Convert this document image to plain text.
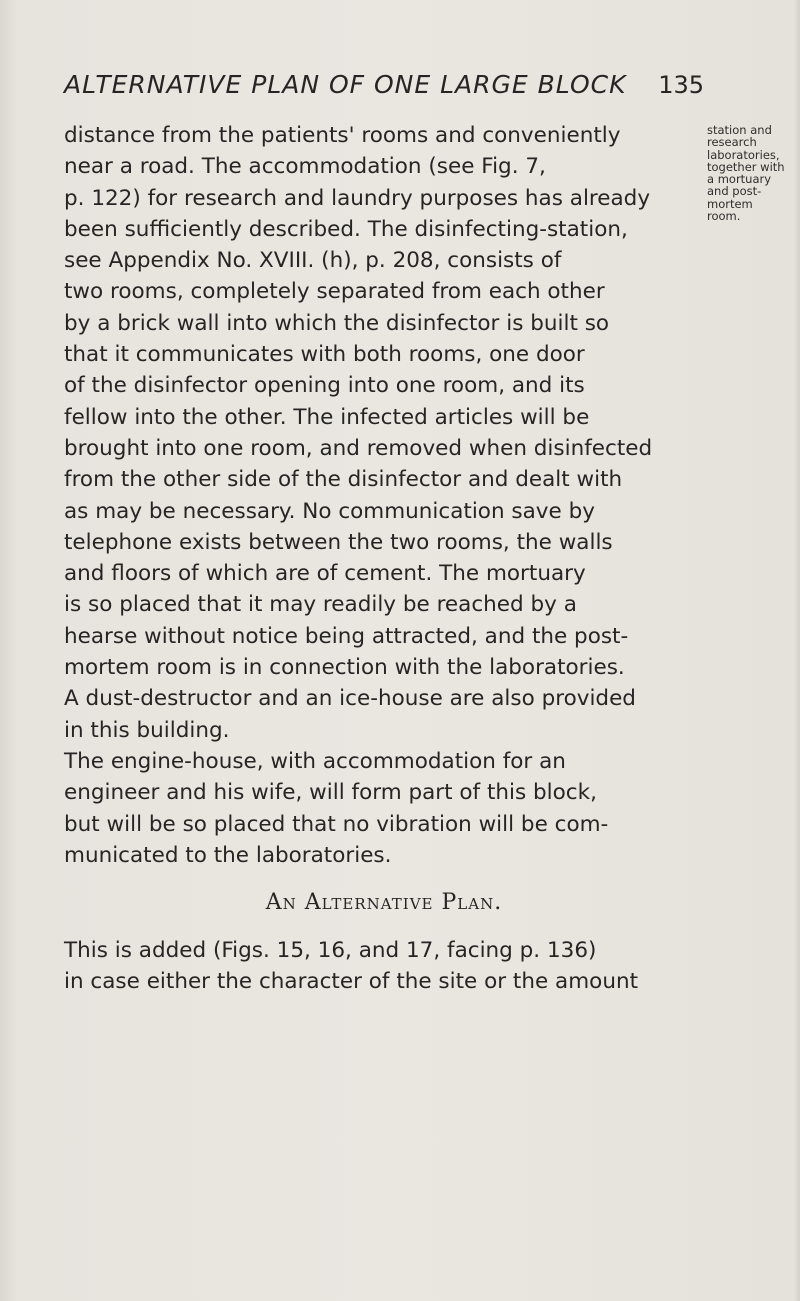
ALTERNATIVE PLAN OF ONE LARGE BLOCK 135
station and
research
laboratories,
together with
a mortuary
and post-
mortem
room.
distance from the patients' rooms and conveniently
near a road. The accommodation (see Fig. 7,
p. 122) for research and laundry purposes has already
been sufficiently described. The disinfecting-station,
see Appendix No. XVIII. (h), p. 208, consists of
two rooms, completely separated from each other
by a brick wall into which the disinfector is built so
that it communicates with both rooms, one door
of the disinfector opening into one room, and its
fellow into the other. The infected articles will be
brought into one room, and removed when disinfected
from the other side of the disinfector and dealt with
as may be necessary. No communication save by
telephone exists between the two rooms, the walls
and floors of which are of cement. The mortuary
is so placed that it may readily be reached by a
hearse without notice being attracted, and the post-
mortem room is in connection with the laboratories.
A dust-destructor and an ice-house are also provided
in this building.
The engine-house, with accommodation for an
engineer and his wife, will form part of this block,
but will be so placed that no vibration will be com-
municated to the laboratories.
An Alternative Plan.
This is added (Figs. 15, 16, and 17, facing p. 136)
in case either the character of the site or the amount
